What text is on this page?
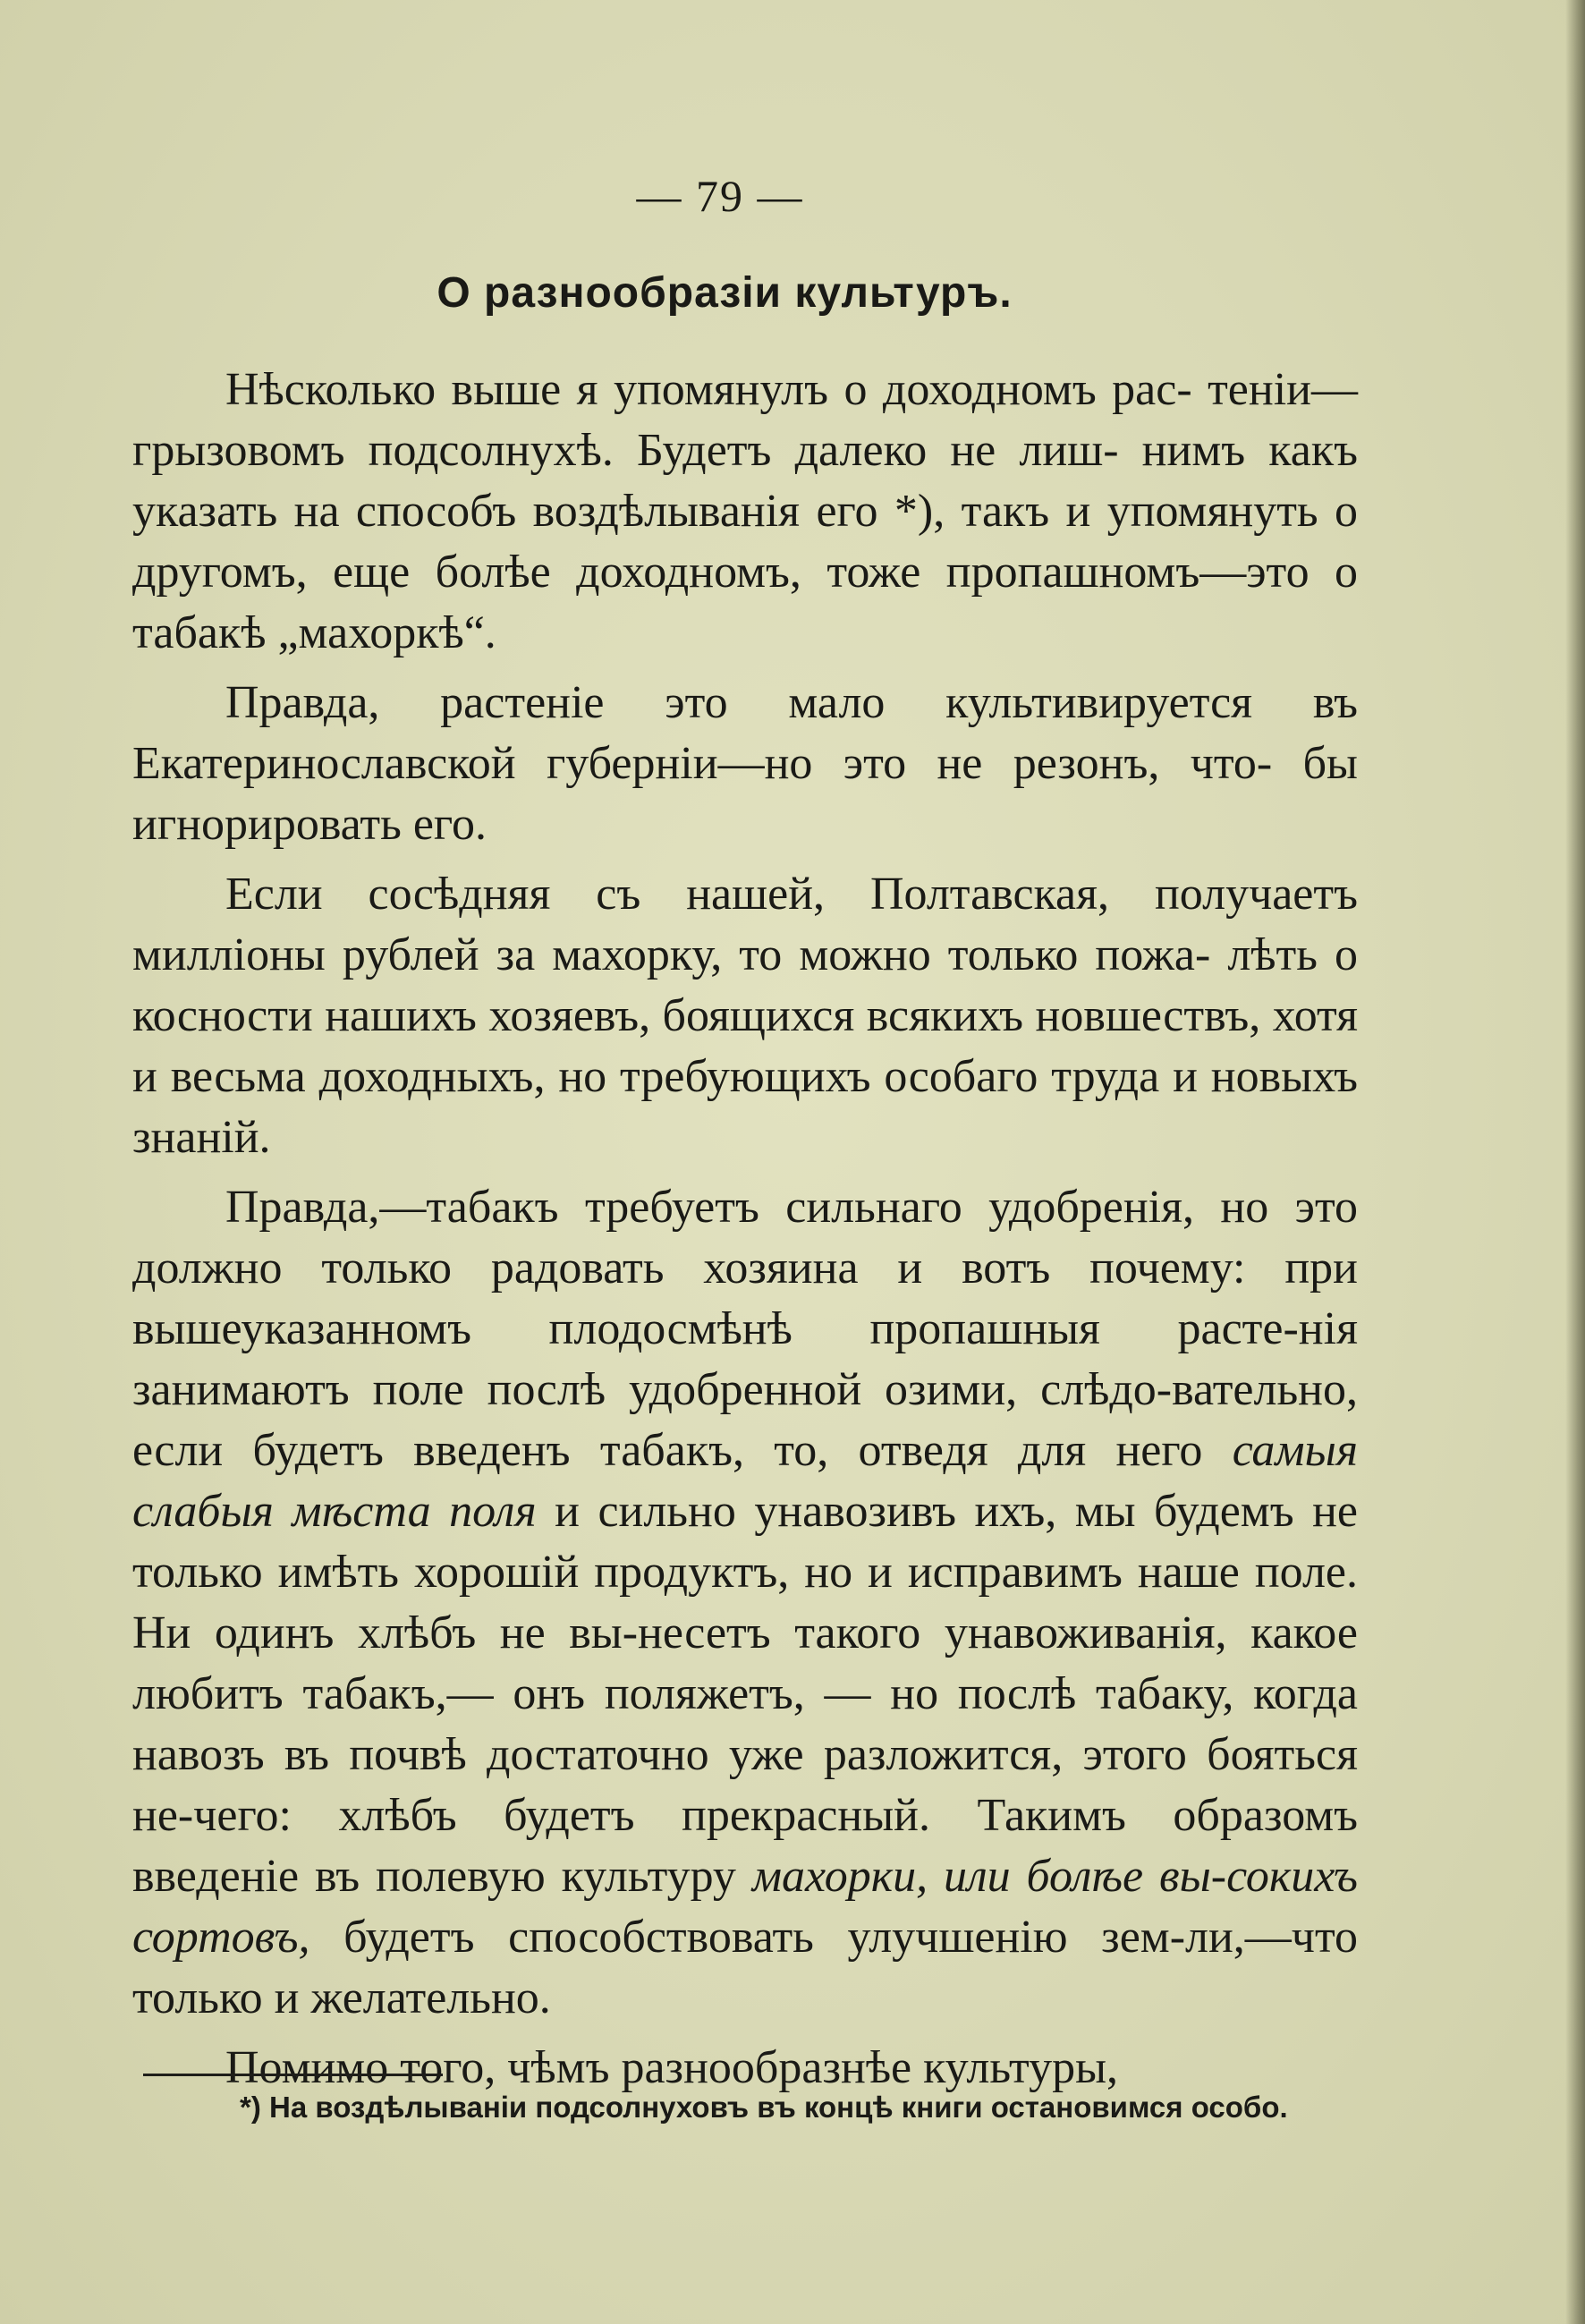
— 79 —
О разнообразіи культуръ.

Нѣсколько выше я упомянулъ о доходномъ рас- теніи—грызовомъ подсолнухѣ. Будетъ далеко не лиш- нимъ какъ указать на способъ воздѣлыванія его *), такъ и упомянуть о другомъ, еще болѣе доходномъ, тоже пропашномъ—это о табакѣ „махоркѣ“.

Правда, растеніе это мало культивируется въ Екатеринославской губерніи—но это не резонъ, что- бы игнорировать его.

Если сосѣдняя съ нашей, Полтавская, получаетъ милліоны рублей за махорку, то можно только пожа- лѣть о косности нашихъ хозяевъ, боящихся всякихъ новшествъ, хотя и весьма доходныхъ, но требующихъ особаго труда и новыхъ знаній.

Правда,—табакъ требуетъ сильнаго удобренія, но это должно только радовать хозяина и вотъ почему: при вышеуказанномъ плодосмѣнѣ пропашныя расте-нія занимаютъ поле послѣ удобренной озими, слѣдо-вательно, если будетъ введенъ табакъ, то, отведя для него самыя слабыя мѣста поля и сильно унавозивъ ихъ, мы будемъ не только имѣть хорошій продуктъ, но и исправимъ наше поле. Ни одинъ хлѣбъ не вы-несетъ такого унавоживанія, какое любитъ табакъ,— онъ поляжетъ, — но послѣ табаку, когда навозъ въ почвѣ достаточно уже разложится, этого бояться не-чего: хлѣбъ будетъ прекрасный. Такимъ образомъ введеніе въ полевую культуру махорки, или болѣе вы-сокихъ сортовъ, будетъ способствовать улучшенію зем-ли,—что только и желательно.

Помимо того, чѣмъ разнообразнѣе культуры,

*) На воздѣлываніи подсолнуховъ въ концѣ книги остановимся особо.
